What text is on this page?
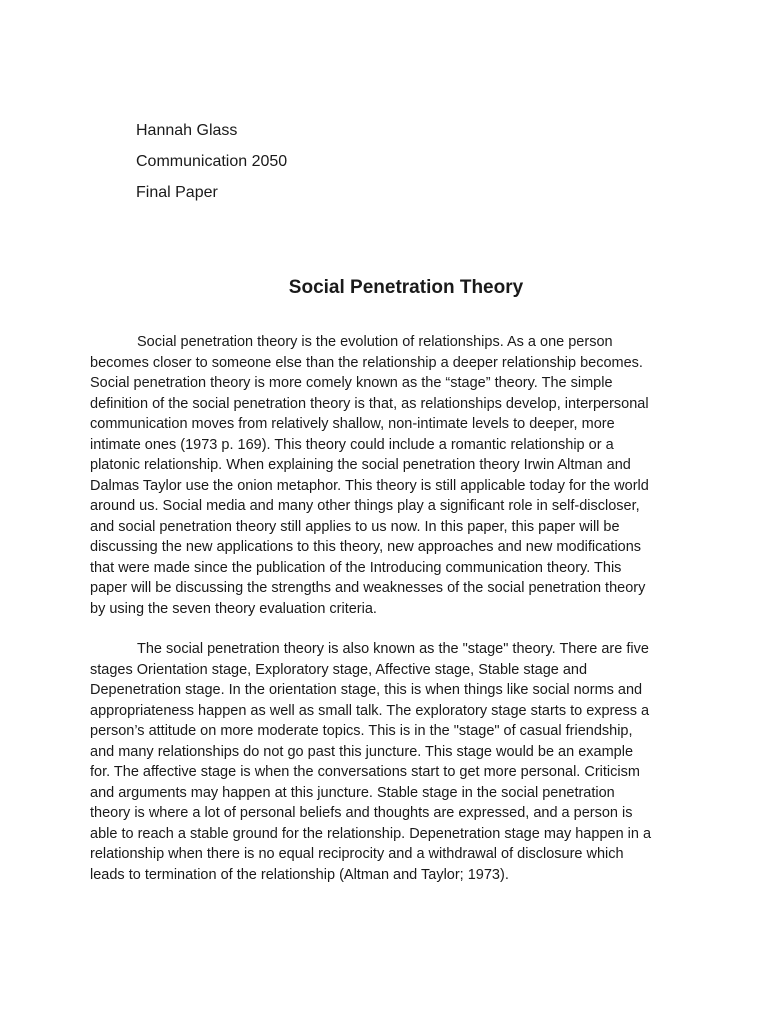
Hannah Glass
Communication 2050
Final Paper
Social Penetration Theory
Social penetration theory is the evolution of relationships. As a one person
becomes closer to someone else than the relationship a deeper relationship becomes.
Social penetration theory is more comely known as the “stage” theory. The simple
definition of the social penetration theory is that, as relationships develop, interpersonal
communication moves from relatively shallow, non-intimate levels to deeper, more
intimate ones (1973 p. 169). This theory could include a romantic relationship or a
platonic relationship. When explaining the social penetration theory Irwin Altman and
Dalmas Taylor use the onion metaphor. This theory is still applicable today for the world
around us. Social media and many other things play a significant role in self-discloser,
and social penetration theory still applies to us now. In this paper, this paper will be
discussing the new applications to this theory, new approaches and new modifications
that were made since the publication of the Introducing communication theory. This
paper will be discussing the strengths and weaknesses of the social penetration theory
by using the seven theory evaluation criteria.
The social penetration theory is also known as the "stage" theory. There are five
stages Orientation stage, Exploratory stage, Affective stage, Stable stage and
Depenetration stage. In the orientation stage, this is when things like social norms and
appropriateness happen as well as small talk. The exploratory stage starts to express a
person’s attitude on more moderate topics. This is in the "stage" of casual friendship,
and many relationships do not go past this juncture. This stage would be an example
for. The affective stage is when the conversations start to get more personal. Criticism
and arguments may happen at this juncture. Stable stage in the social penetration
theory is where a lot of personal beliefs and thoughts are expressed, and a person is
able to reach a stable ground for the relationship. Depenetration stage may happen in a
relationship when there is no equal reciprocity and a withdrawal of disclosure which
leads to termination of the relationship (Altman and Taylor; 1973).
